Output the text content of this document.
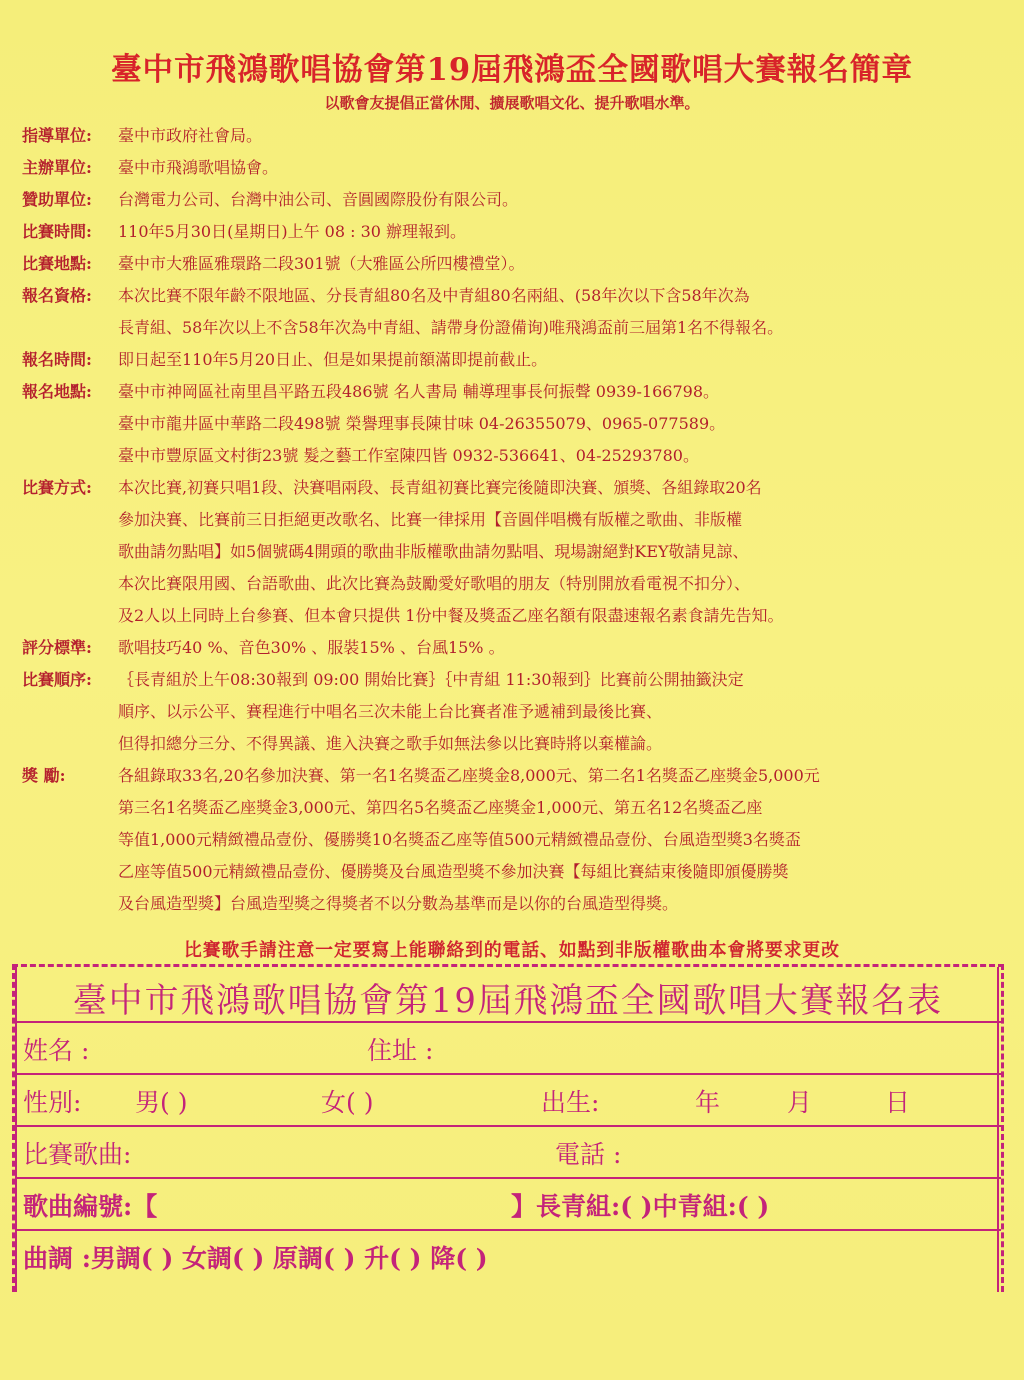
臺中市飛鴻歌唱協會第19屆飛鴻盃全國歌唱大賽報名簡章
以歌會友提倡正當休閒、擴展歌唱文化、提升歌唱水準。
指導單位:	臺中市政府社會局。
主辦單位:	臺中市飛鴻歌唱協會。
贊助單位:	台灣電力公司、台灣中油公司、音圓國際股份有限公司。
比賽時間:	110年5月30日(星期日)上午 08 : 30 辦理報到。
比賽地點:	臺中市大雅區雅環路二段301號（大雅區公所四樓禮堂）。
報名資格:	本次比賽不限年齡不限地區、分長青組80名及中青組80名兩組、(58年次以下含58年次為
長青組、58年次以上不含58年次為中青組、請帶身份證備询)唯飛鴻盃前三屆第1名不得報名。
報名時間:	即日起至110年5月20日止、但是如果提前額滿即提前截止。
報名地點:	臺中市神岡區社南里昌平路五段486號 名人書局 輔導理事長何振聲 0939-166798。
臺中市龍井區中華路二段498號 榮譽理事長陳甘味 04-26355079、0965-077589。
臺中市豐原區文村街23號 髮之藝工作室陳四皆 0932-536641、04-25293780。
比賽方式:	本次比賽,初賽只唱1段、決賽唱兩段、長青組初賽比賽完後隨即決賽、頒獎、各組錄取20名
參加決賽、比賽前三日拒絕更改歌名、比賽一律採用【音圓伴唱機有版權之歌曲、非版權
歌曲請勿點唱】如5個號碼4開頭的歌曲非版權歌曲請勿點唱、現場謝絕對KEY敬請見諒、
本次比賽限用國、台語歌曲、此次比賽為鼓勵愛好歌唱的朋友（特別開放看電視不扣分）、
及2人以上同時上台參賽、但本會只提供 1份中餐及獎盃乙座名額有限盡速報名素食請先告知。
評分標準:	歌唱技巧40 %、音色30% 、服裝15% 、台風15% 。
比賽順序:	｛長青組於上午08:30報到 09:00 開始比賽｝｛中青組 11:30報到｝比賽前公開抽籤決定
順序、以示公平、賽程進行中唱名三次未能上台比賽者准予遞補到最後比賽、
但得扣總分三分、不得異議、進入決賽之歌手如無法參以比賽時將以棄權論。
獎 勵:	各組錄取33名,20名參加決賽、第一名1名獎盃乙座獎金8,000元、第二名1名獎盃乙座獎金5,000元
第三名1名獎盃乙座獎金3,000元、第四名5名獎盃乙座獎金1,000元、第五名12名獎盃乙座
等值1,000元精緻禮品壹份、優勝獎10名獎盃乙座等值500元精緻禮品壹份、台風造型獎3名獎盃
乙座等值500元精緻禮品壹份、優勝獎及台風造型獎不參加決賽【每組比賽結束後隨即頒優勝獎
及台風造型獎】台風造型獎之得獎者不以分數為基準而是以你的台風造型得獎。
比賽歌手請注意一定要寫上能聯絡到的電話、如點到非版權歌曲本會將要求更改
臺中市飛鴻歌唱協會第19屆飛鴻盃全國歌唱大賽報名表
姓名 :	住址 :
性別: 男( )	女( )	出生:	年	月	日
比賽歌曲:	電話 :
歌曲編號:【	】長青組:( )中青組:( )
曲調 :男調( ) 女調( ) 原調( ) 升( ) 降( )
